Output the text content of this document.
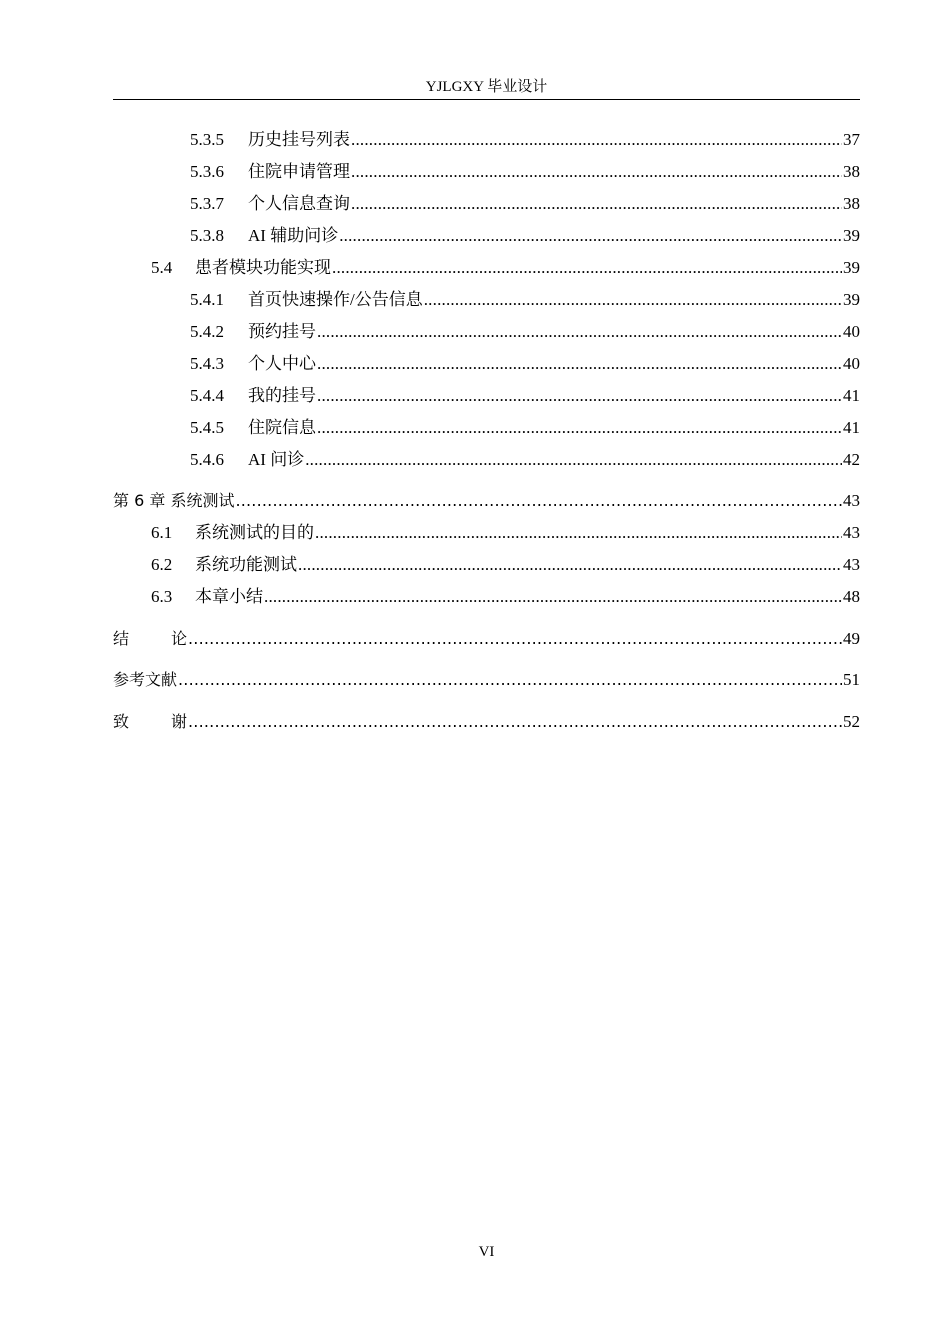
YJLGXY 毕业设计
5.3.5	历史挂号列表 .....	37
5.3.6	住院申请管理 .....	38
5.3.7	个人信息查询 .....	38
5.3.8	AI 辅助问诊 .....	39
5.4	患者模块功能实现 .....	39
5.4.1	首页快速操作/公告信息 .....	39
5.4.2	预约挂号 .....	40
5.4.3	个人中心 .....	40
5.4.4	我的挂号 .....	41
5.4.5	住院信息 .....	41
5.4.6	AI 问诊 .....	42
第 6 章 系统测试 .....	43
6.1	系统测试的目的 .....	43
6.2	系统功能测试 .....	43
6.3	本章小结 .....	48
结	论 .....	49
参考文献 .....	51
致	谢 .....	52
VI
